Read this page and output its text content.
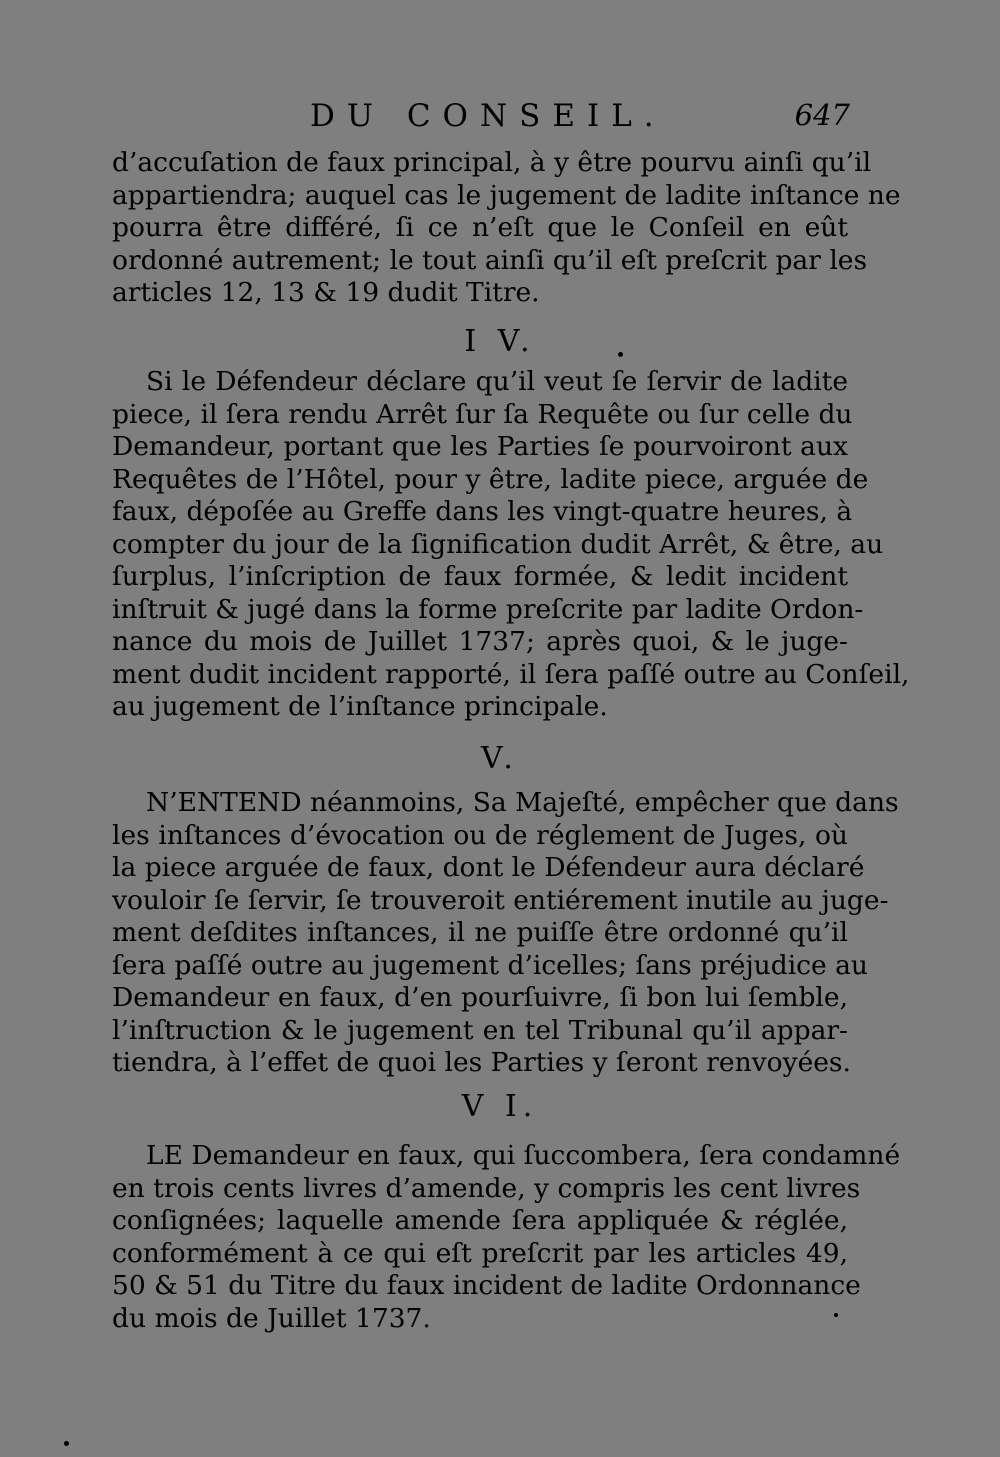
DU CONSEIL.	647
d’accuſation de faux principal, à y être pourvu ainſi qu’il
appartiendra; auquel cas le jugement de ladite inſtance ne
pourra être différé, ſi ce n’eſt que le Conſeil en eût
ordonné autrement; le tout ainſi qu’il eſt preſcrit par les
articles 12, 13 & 19 dudit Titre.
I V.
Si le Défendeur déclare qu’il veut ſe ſervir de ladite
piece, il ſera rendu Arrêt ſur ſa Requête ou ſur celle du
Demandeur, portant que les Parties ſe pourvoiront aux
Requêtes de l’Hôtel, pour y être, ladite piece, arguée de
faux, dépoſée au Greffe dans les vingt-quatre heures, à
compter du jour de la ſignification dudit Arrêt, & être, au
ſurplus, l’inſcription de faux formée, & ledit incident
inſtruit & jugé dans la forme preſcrite par ladite Ordon-
nance du mois de Juillet 1737; après quoi, & le juge-
ment dudit incident rapporté, il ſera paſſé outre au Conſeil,
au jugement de l’inſtance principale.
V.
N’ENTEND néanmoins, Sa Majeſté, empêcher que dans
les inſtances d’évocation ou de réglement de Juges, où
la piece arguée de faux, dont le Défendeur aura déclaré
vouloir ſe ſervir, ſe trouveroit entiérement inutile au juge-
ment deſdites inſtances, il ne puiſſe être ordonné qu’il
ſera paſſé outre au jugement d’icelles; ſans préjudice au
Demandeur en faux, d’en pourſuivre, ſi bon lui ſemble,
l’inſtruction & le jugement en tel Tribunal qu’il appar-
tiendra, à l’effet de quoi les Parties y ſeront renvoyées.
V I.
LE Demandeur en faux, qui ſuccombera, ſera condamné
en trois cents livres d’amende, y compris les cent livres
conſignées; laquelle amende ſera appliquée & réglée,
conformément à ce qui eſt preſcrit par les articles 49,
50 & 51 du Titre du faux incident de ladite Ordonnance
du mois de Juillet 1737.
